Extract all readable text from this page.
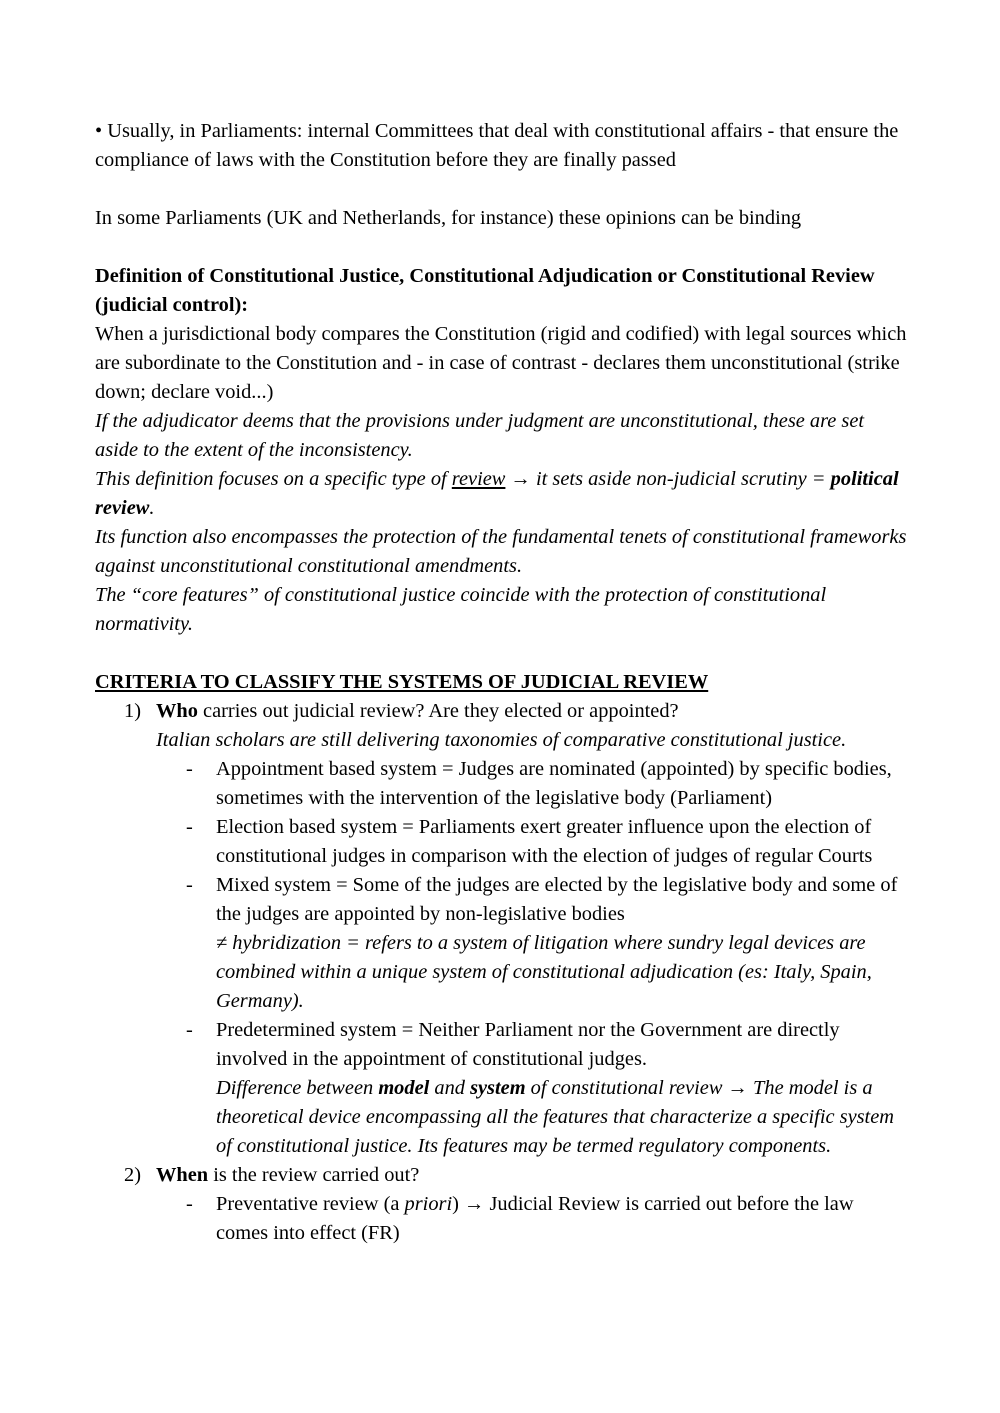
• Usually, in Parliaments: internal Committees that deal with constitutional affairs - that ensure the compliance of laws with the Constitution before they are finally passed

In some Parliaments (UK and Netherlands, for instance) these opinions can be binding

Definition of Constitutional Justice, Constitutional Adjudication or Constitutional Review (judicial control):

When a jurisdictional body compares the Constitution (rigid and codified) with legal sources which are subordinate to the Constitution and - in case of contrast - declares them unconstitutional (strike down; declare void...)

If the adjudicator deems that the provisions under judgment are unconstitutional, these are set aside to the extent of the inconsistency.

This definition focuses on a specific type of review → it sets aside non-judicial scrutiny = political review.

Its function also encompasses the protection of the fundamental tenets of constitutional frameworks against unconstitutional constitutional amendments.

The “core features” of constitutional justice coincide with the protection of constitutional normativity.

CRITERIA TO CLASSIFY THE SYSTEMS OF JUDICIAL REVIEW

1) Who carries out judicial review? Are they elected or appointed?

Italian scholars are still delivering taxonomies of comparative constitutional justice.

- Appointment based system = Judges are nominated (appointed) by specific bodies, sometimes with the intervention of the legislative body (Parliament)

- Election based system = Parliaments exert greater influence upon the election of constitutional judges in comparison with the election of judges of regular Courts

- Mixed system = Some of the judges are elected by the legislative body and some of the judges are appointed by non-legislative bodies

≠ hybridization = refers to a system of litigation where sundry legal devices are combined within a unique system of constitutional adjudication (es: Italy, Spain, Germany).

- Predetermined system = Neither Parliament nor the Government are directly involved in the appointment of constitutional judges.

Difference between model and system of constitutional review → The model is a theoretical device encompassing all the features that characterize a specific system of constitutional justice. Its features may be termed regulatory components.

2) When is the review carried out?

- Preventative review (a priori) → Judicial Review is carried out before the law comes into effect (FR)
